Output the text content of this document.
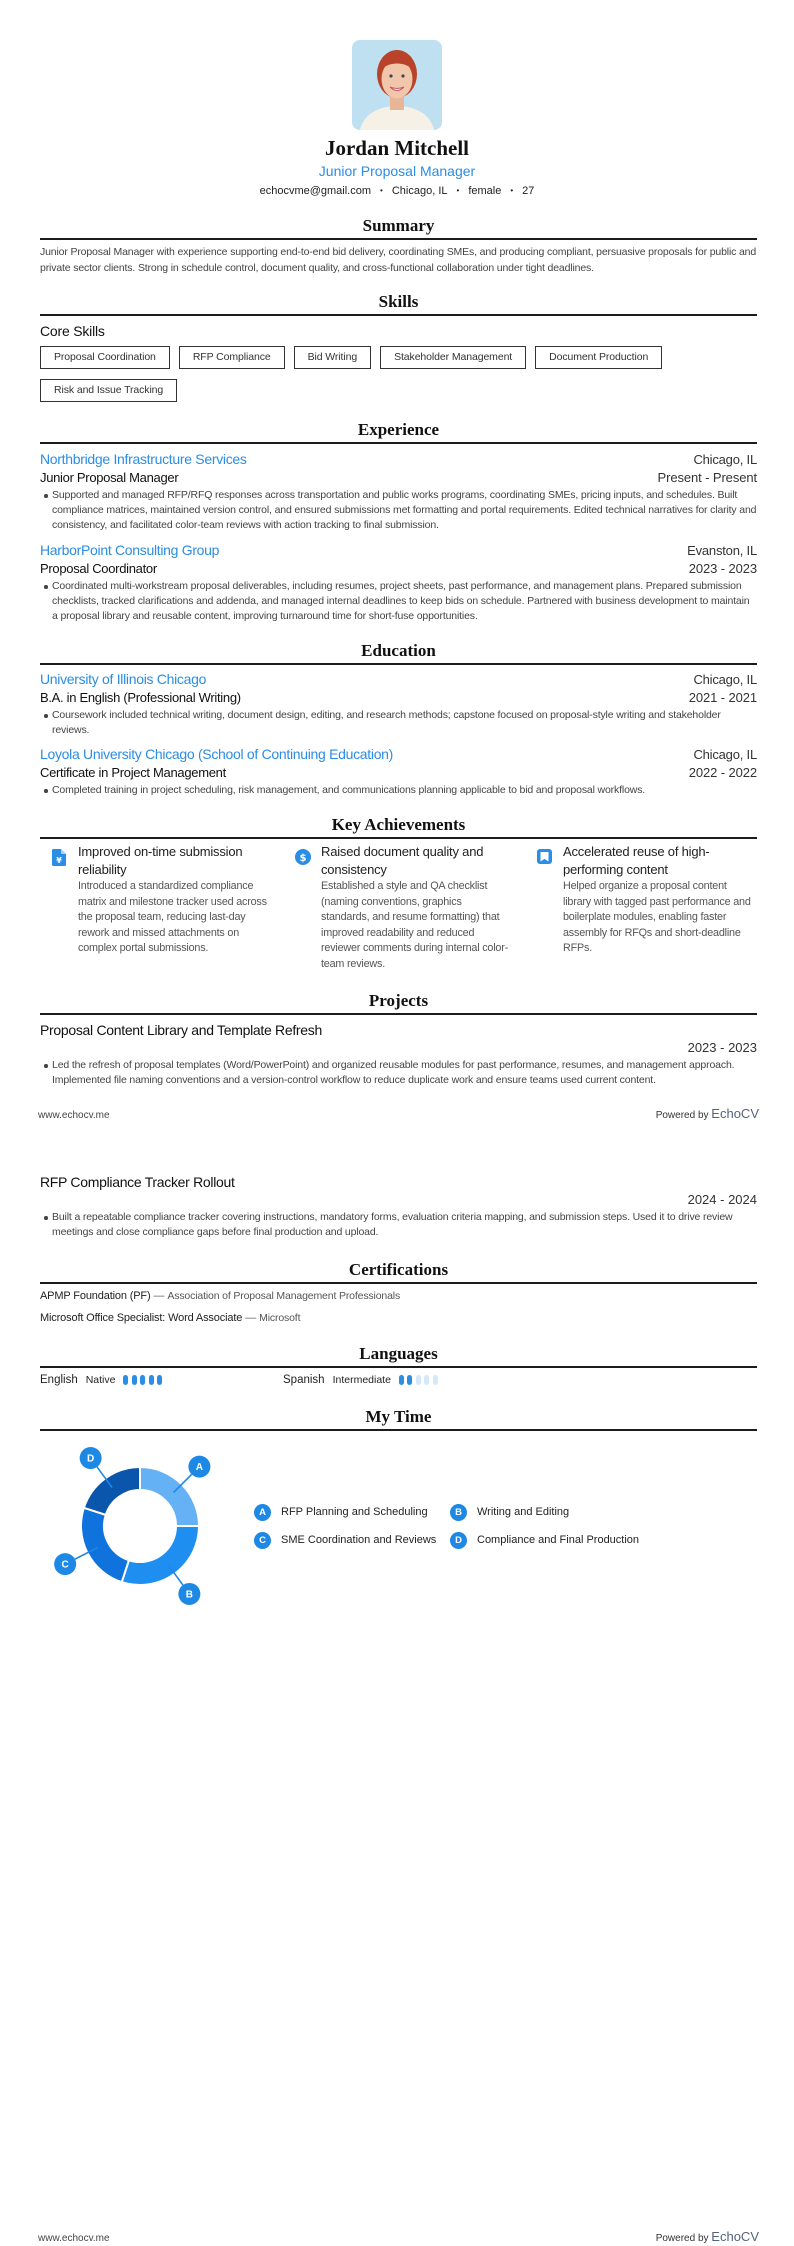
Jordan Mitchell
Junior Proposal Manager
echocvme@gmail.com • Chicago, IL • female • 27
Summary

Junior Proposal Manager with experience supporting end-to-end bid delivery, coordinating SMEs, and producing compliant, persuasive proposals for public and private sector clients. Strong in schedule control, document quality, and cross-functional collaboration under tight deadlines.

Skills
Core Skills
Proposal Coordination	RFP Compliance	Bid Writing	Stakeholder Management	Document Production
Risk and Issue Tracking
Experience
Northbridge Infrastructure Services	Chicago, IL
Junior Proposal Manager	Present - Present
Supported and managed RFP/RFQ responses across transportation and public works programs, coordinating SMEs, pricing inputs, and schedules. Built compliance matrices, maintained version control, and ensured submissions met formatting and portal requirements. Edited technical narratives for clarity and consistency, and facilitated color-team reviews with action tracking to final submission.
HarborPoint Consulting Group	Evanston, IL
Proposal Coordinator	2023 - 2023
Coordinated multi-workstream proposal deliverables, including resumes, project sheets, past performance, and management plans. Prepared submission checklists, tracked clarifications and addenda, and managed internal deadlines to keep bids on schedule. Partnered with business development to maintain a proposal library and reusable content, improving turnaround time for short-fuse opportunities.
Education
University of Illinois Chicago	Chicago, IL
B.A. in English (Professional Writing)	2021 - 2021
Coursework included technical writing, document design, editing, and research methods; capstone focused on proposal-style writing and stakeholder reviews.
Loyola University Chicago (School of Continuing Education)	Chicago, IL
Certificate in Project Management	2022 - 2022
Completed training in project scheduling, risk management, and communications planning applicable to bid and proposal workflows.
Key Achievements
¥
Improved on-time submission reliability
Introduced a standardized compliance matrix and milestone tracker used across the proposal team, reducing last-day rework and missed attachments on complex portal submissions.
$ Raised document quality and consistency
Established a style and QA checklist (naming conventions, graphics standards, and resume formatting) that improved readability and reduced reviewer comments during internal color-team reviews.
Accelerated reuse of high-performing content
Helped organize a proposal content library with tagged past performance and boilerplate modules, enabling faster assembly for RFQs and short-deadline RFPs.
Projects
Proposal Content Library and Template Refresh
2023 - 2023
Led the refresh of proposal templates (Word/PowerPoint) and organized reusable modules for past performance, resumes, and management approach. Implemented file naming conventions and a version-control workflow to reduce duplicate work and ensure teams used current content.
www.echocv.me	Powered by EchoCV
RFP Compliance Tracker Rollout
2024 - 2024
Built a repeatable compliance tracker covering instructions, mandatory forms, evaluation criteria mapping, and submission steps. Used it to drive review meetings and close compliance gaps before final production and upload.
Certifications
APMP Foundation (PF) — Association of Proposal Management Professionals
Microsoft Office Specialist: Word Associate — Microsoft
Languages
English Native	Spanish Intermediate
My Time
A
B
C
D
A	RFP Planning and Scheduling	B	Writing and Editing
C	SME Coordination and Reviews	D	Compliance and Final Production
www.echocv.me	Powered by EchoCV
